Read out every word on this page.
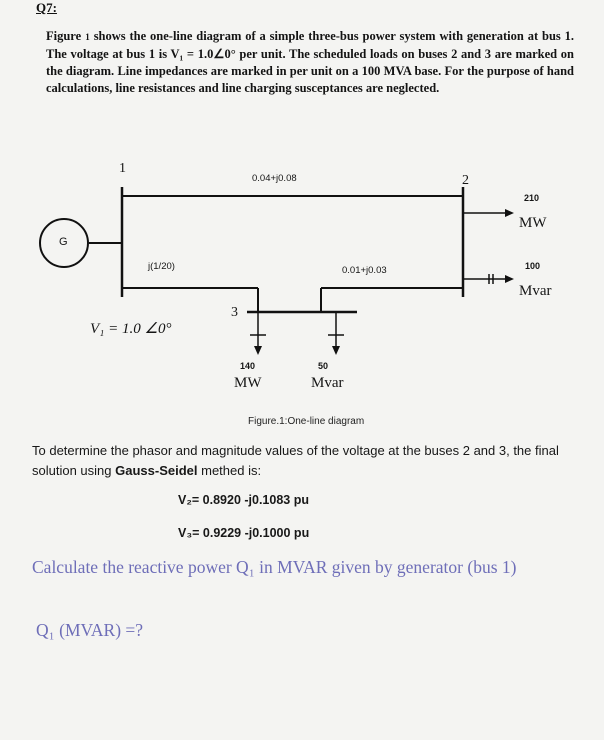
Q7:
Figure 1 shows the one-line diagram of a simple three-bus power system with generation at bus 1. The voltage at bus 1 is V₁ = 1.0∠0° per unit. The scheduled loads on buses 2 and 3 are marked on the diagram. Line impedances are marked in per unit on a 100 MVA base. For the purpose of hand calculations, line resistances and line charging susceptances are neglected.
1
2
3
G
0.04+j0.08
j(1/20)	0.01+j0.03
210
MW
100
Mvar
140
MW
50
Mvar
V₁ = 1.0 ∠0°
Figure.1:One-line diagram
To determine the phasor and magnitude values of the voltage at the buses 2 and 3, the final solution using Gauss-Seidel methed is:
V₂= 0.8920 -j0.1083 pu
V₃= 0.9229 -j0.1000 pu
Calculate the reactive power Q₁ in MVAR given by generator (bus 1)
Q₁ (MVAR) =?
